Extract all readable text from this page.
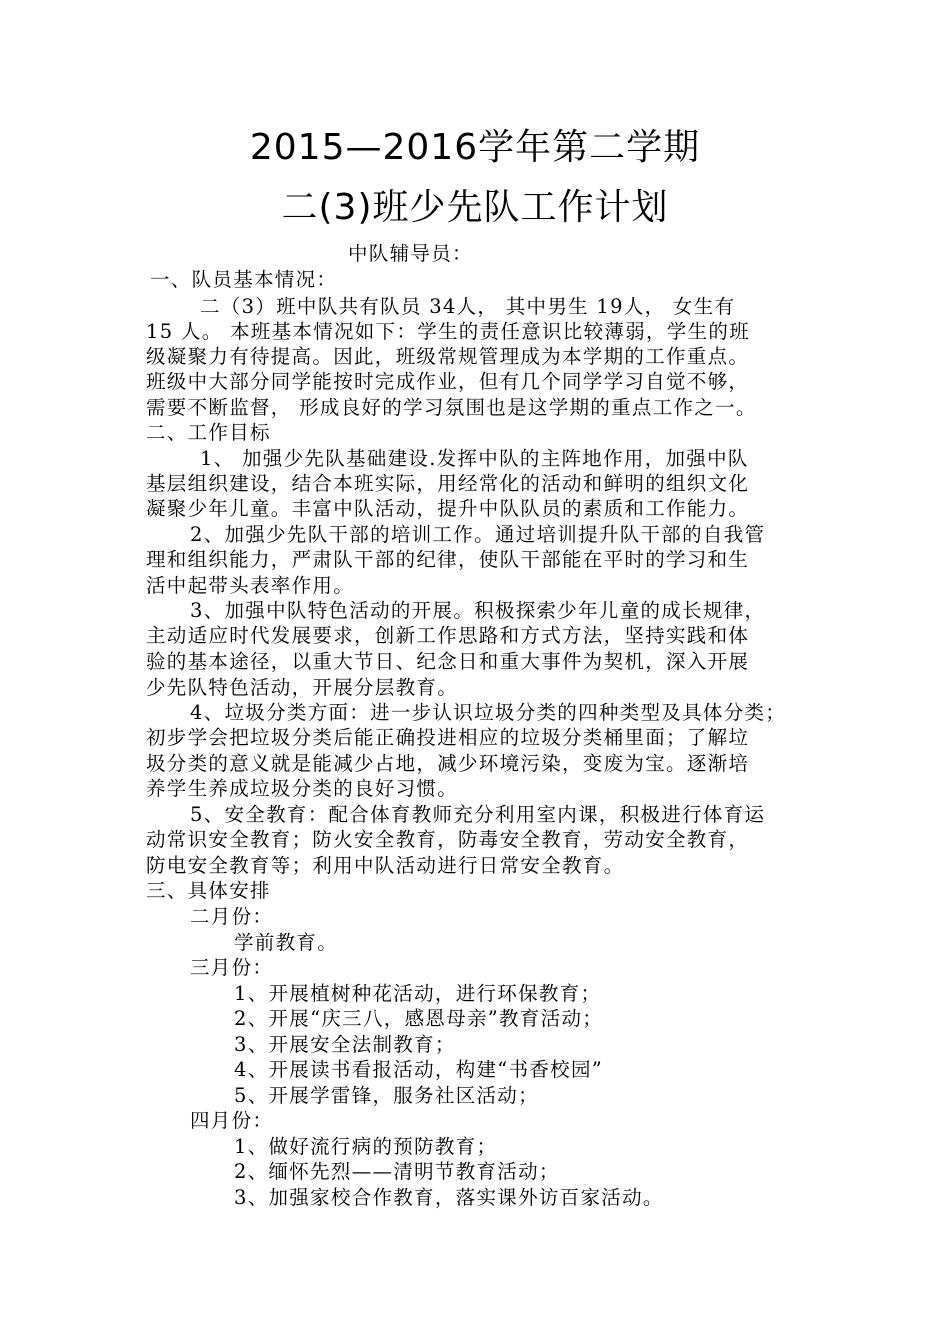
2015—2016学年第二学期
二(3)班少先队工作计划
中队辅导员：
一、队员基本情况：
二（3）班中队共有队员 34人， 其中男生 19人， 女生有
15 人。 本班基本情况如下：学生的责任意识比较薄弱，学生的班
级凝聚力有待提高。因此，班级常规管理成为本学期的工作重点。
班级中大部分同学能按时完成作业，但有几个同学学习自觉不够，
需要不断监督， 形成良好的学习氛围也是这学期的重点工作之一。
二、工作目标
1、 加强少先队基础建设.发挥中队的主阵地作用，加强中队
基层组织建设，结合本班实际，用经常化的活动和鲜明的组织文化
凝聚少年儿童。丰富中队活动，提升中队队员的素质和工作能力。
2、加强少先队干部的培训工作。通过培训提升队干部的自我管
理和组织能力，严肃队干部的纪律，使队干部能在平时的学习和生
活中起带头表率作用。
3、加强中队特色活动的开展。积极探索少年儿童的成长规律，
主动适应时代发展要求，创新工作思路和方式方法，坚持实践和体
验的基本途径，以重大节日、纪念日和重大事件为契机，深入开展
少先队特色活动，开展分层教育。
4、垃圾分类方面：进一步认识垃圾分类的四种类型及具体分类；
初步学会把垃圾分类后能正确投进相应的垃圾分类桶里面；了解垃
圾分类的意义就是能减少占地，减少环境污染，变废为宝。逐渐培
养学生养成垃圾分类的良好习惯。
5、安全教育：配合体育教师充分利用室内课，积极进行体育运
动常识安全教育；防火安全教育，防毒安全教育，劳动安全教育，
防电安全教育等；利用中队活动进行日常安全教育。
三、具体安排
二月份：
学前教育。
三月份：
1、开展植树种花活动，进行环保教育；
2、开展“庆三八，感恩母亲”教育活动；
3、开展安全法制教育；
4、开展读书看报活动，构建“书香校园”
5、开展学雷锋，服务社区活动；
四月份：
1、做好流行病的预防教育；
2、缅怀先烈——清明节教育活动；
3、加强家校合作教育，落实课外访百家活动。
